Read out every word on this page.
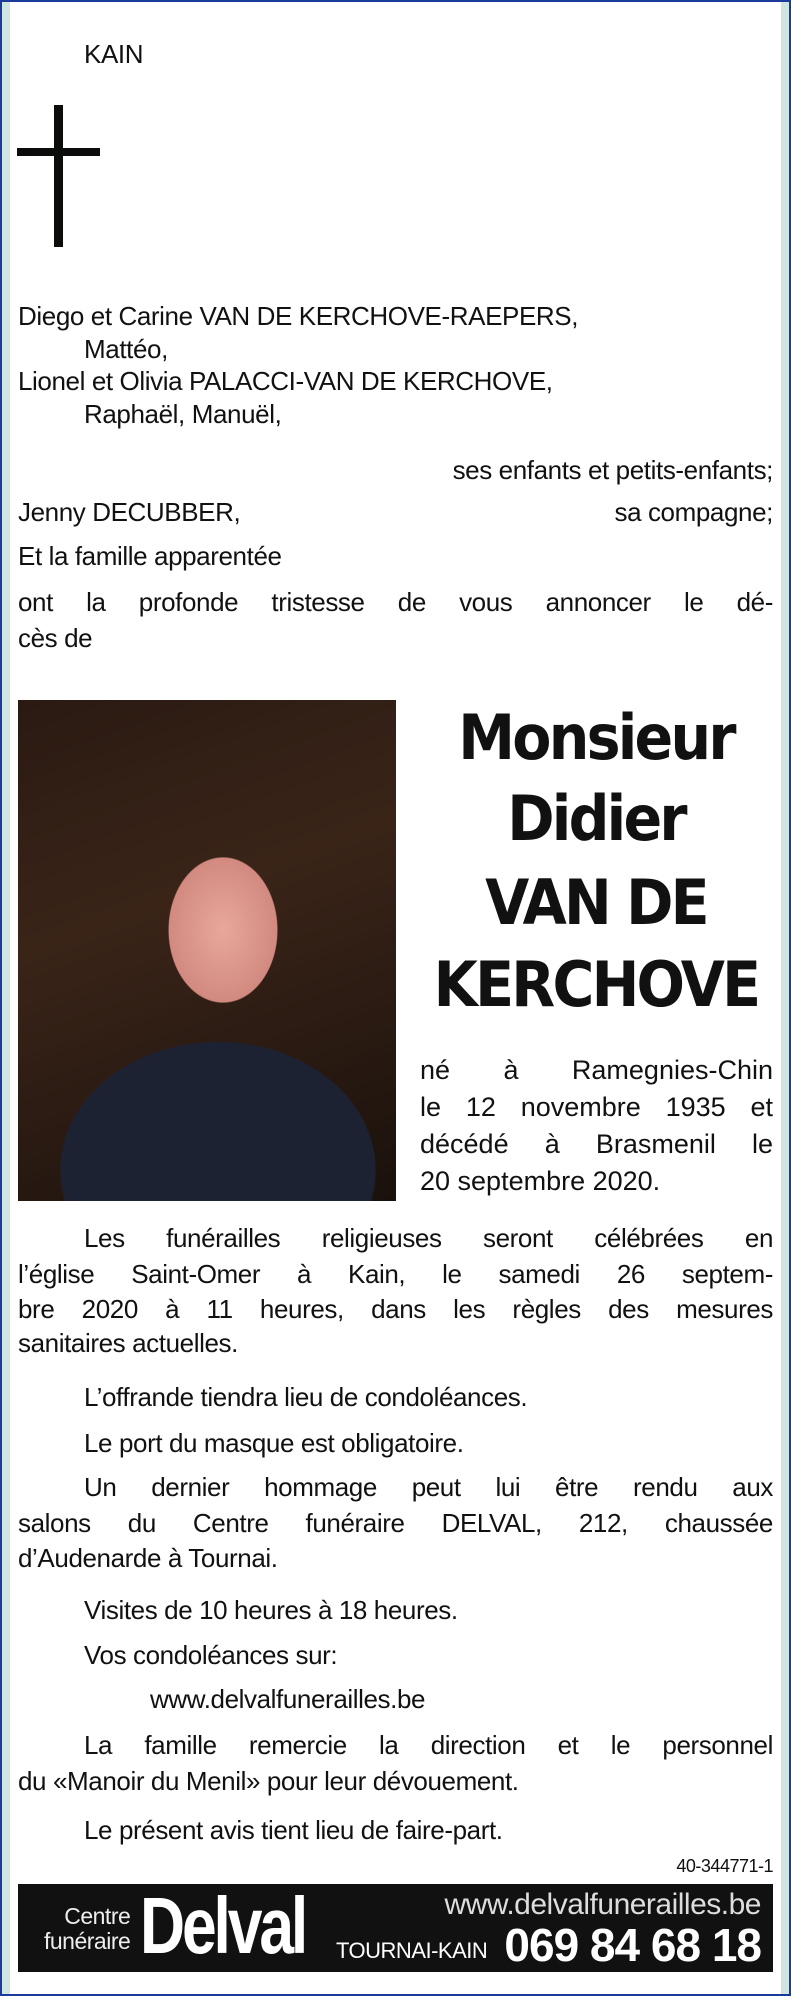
KAIN
Diego et Carine VAN DE KERCHOVE-RAEPERS,
Mattéo,
Lionel et Olivia PALACCI-VAN DE KERCHOVE,
Raphaël, Manuël,
ses enfants et petits-enfants;
Jenny DECUBBER,	sa compagne;
Et la famille apparentée
ont la profonde tristesse de vous annoncer le dé-
cès de
Monsieur
Didier
VAN DE
KERCHOVE
né à Ramegnies-Chin
le 12 novembre 1935 et
décédé à Brasmenil le
20 septembre 2020.
Les funérailles religieuses seront célébrées en
l’église Saint-Omer à Kain, le samedi 26 septem-
bre 2020 à 11 heures, dans les règles des mesures
sanitaires actuelles.
L’offrande tiendra lieu de condoléances.
Le port du masque est obligatoire.
Un dernier hommage peut lui être rendu aux
salons du Centre funéraire DELVAL, 212, chaussée
d’Audenarde à Tournai.
Visites de 10 heures à 18 heures.
Vos condoléances sur:
www.delvalfunerailles.be
La famille remercie la direction et le personnel
du «Manoir du Menil» pour leur dévouement.
Le présent avis tient lieu de faire-part.
40-344771-1
Centre
funéraire Delval	www.delvalfunerailles.be
TOURNAI-KAIN 069 84 68 18
